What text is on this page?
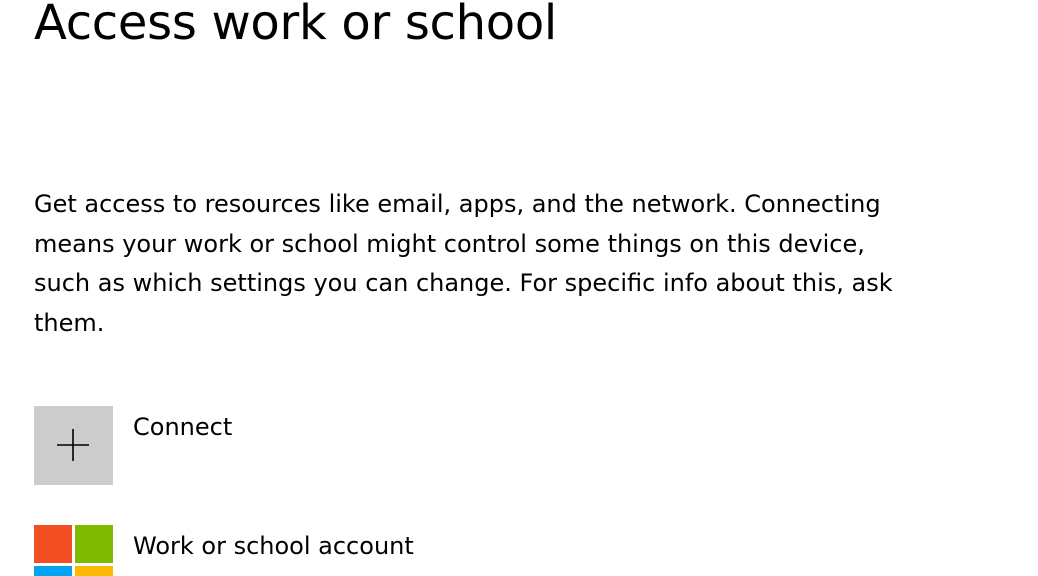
Access work or school

Get access to resources like email, apps, and the network. Connecting means your work or school might control some things on this device, such as which settings you can change. For specific info about this, ask them.

Connect
Work or school account
